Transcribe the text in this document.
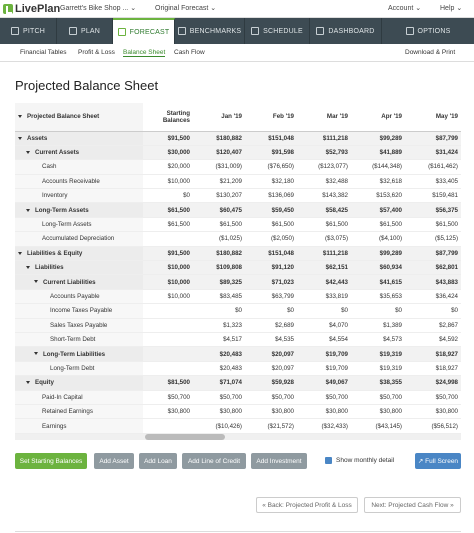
LivePlan Garrett's Bike Shop ... ⌄	Original Forecast ⌄	Account ⌄	Help ⌄
PITCH	PLAN	FORECAST	BENCHMARKS	SCHEDULE	DASHBOARD	OPTIONS
Financial Tables Profit & Loss Balance Sheet Cash Flow	Download & Print
Projected Balance Sheet
Projected Balance Sheet	Starting Balances	Jan '19	Feb '19	Mar '19	Apr '19	May '19
Assets	$91,500	$180,882	$151,048	$111,218	$99,289	$87,799
Current Assets	$30,000	$120,407	$91,598	$52,793	$41,889	$31,424
Cash	$20,000	($31,009)	($76,650)	($123,077)	($144,348)	($161,462)
Accounts Receivable	$10,000	$21,209	$32,180	$32,488	$32,618	$33,405
Inventory	$0	$130,207	$136,069	$143,382	$153,620	$159,481
Long-Term Assets	$61,500	$60,475	$59,450	$58,425	$57,400	$56,375
Long-Term Assets	$61,500	$61,500	$61,500	$61,500	$61,500	$61,500
Accumulated Depreciation		($1,025)	($2,050)	($3,075)	($4,100)	($5,125)
Liabilities & Equity	$91,500	$180,882	$151,048	$111,218	$99,289	$87,799
Liabilities	$10,000	$109,808	$91,120	$62,151	$60,934	$62,801
Current Liabilities	$10,000	$89,325	$71,023	$42,443	$41,615	$43,883
Accounts Payable	$10,000	$83,485	$63,799	$33,819	$35,653	$36,424
Income Taxes Payable		$0	$0	$0	$0	$0
Sales Taxes Payable		$1,323	$2,689	$4,070	$1,389	$2,867
Short-Term Debt		$4,517	$4,535	$4,554	$4,573	$4,592
Long-Term Liabilities		$20,483	$20,097	$19,709	$19,319	$18,927
Long-Term Debt		$20,483	$20,097	$19,709	$19,319	$18,927
Equity	$81,500	$71,074	$59,928	$49,067	$38,355	$24,998
Paid-In Capital	$50,700	$50,700	$50,700	$50,700	$50,700	$50,700
Retained Earnings	$30,800	$30,800	$30,800	$30,800	$30,800	$30,800
Earnings		($10,426)	($21,572)	($32,433)	($43,145)	($56,512)
Set Starting Balances	Add Asset	Add Loan	Add Line of Credit	Add Investment	Show monthly detail	↗ Full Screen
« Back: Projected Profit & Loss	Next: Projected Cash Flow »
